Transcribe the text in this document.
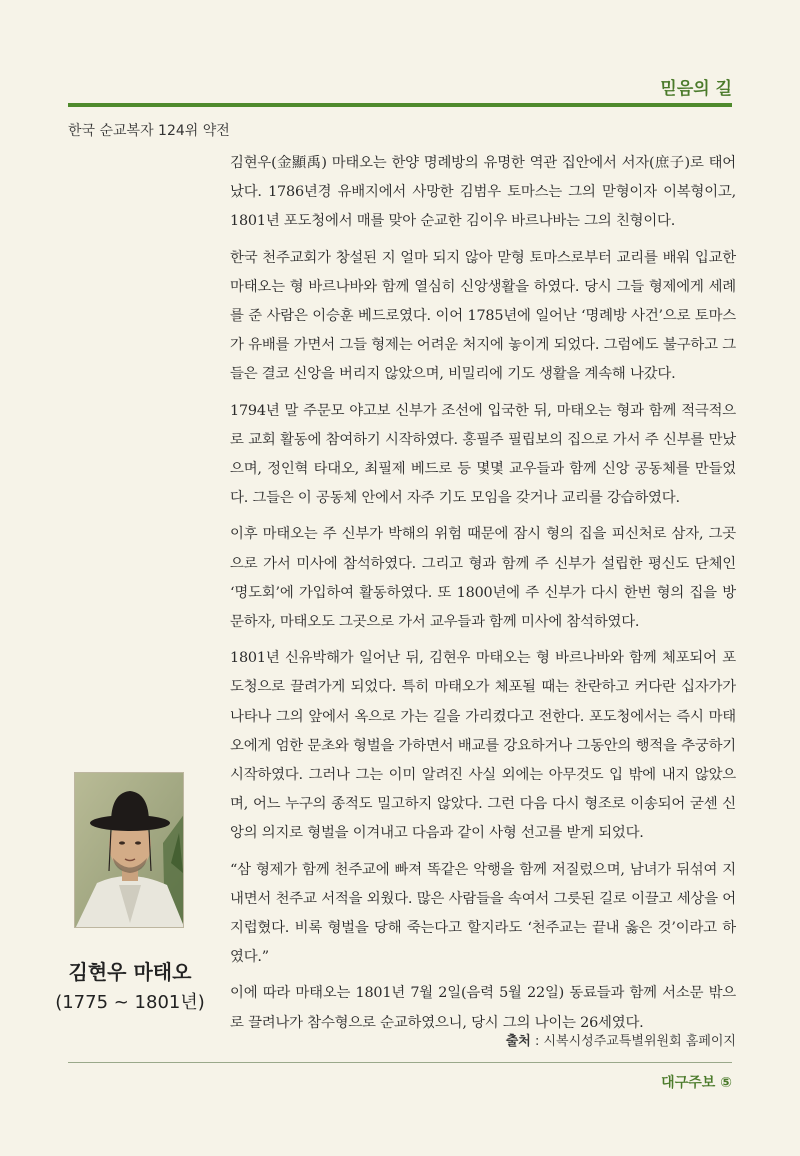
믿음의 길
한국 순교복자 124위 약전

김현우(金顯禹) 마태오는 한양 명례방의 유명한 역관 집안에서 서자(庶子)로 태어났다. 1786년경 유배지에서 사망한 김범우 토마스는 그의 맏형이자 이복형이고, 1801년 포도청에서 매를 맞아 순교한 김이우 바르나바는 그의 친형이다.

한국 천주교회가 창설된 지 얼마 되지 않아 맏형 토마스로부터 교리를 배워 입교한 마태오는 형 바르나바와 함께 열심히 신앙생활을 하였다. 당시 그들 형제에게 세례를 준 사람은 이승훈 베드로였다. 이어 1785년에 일어난 ‘명례방 사건’으로 토마스가 유배를 가면서 그들 형제는 어려운 처지에 놓이게 되었다. 그럼에도 불구하고 그들은 결코 신앙을 버리지 않았으며, 비밀리에 기도 생활을 계속해 나갔다.

1794년 말 주문모 야고보 신부가 조선에 입국한 뒤, 마태오는 형과 함께 적극적으로 교회 활동에 참여하기 시작하였다. 홍필주 필립보의 집으로 가서 주 신부를 만났으며, 정인혁 타대오, 최필제 베드로 등 몇몇 교우들과 함께 신앙 공동체를 만들었다. 그들은 이 공동체 안에서 자주 기도 모임을 갖거나 교리를 강습하였다.

이후 마태오는 주 신부가 박해의 위험 때문에 잠시 형의 집을 피신처로 삼자, 그곳으로 가서 미사에 참석하였다. 그리고 형과 함께 주 신부가 설립한 평신도 단체인 ‘명도회’에 가입하여 활동하였다. 또 1800년에 주 신부가 다시 한번 형의 집을 방문하자, 마태오도 그곳으로 가서 교우들과 함께 미사에 참석하였다.

1801년 신유박해가 일어난 뒤, 김현우 마태오는 형 바르나바와 함께 체포되어 포도청으로 끌려가게 되었다. 특히 마태오가 체포될 때는 찬란하고 커다란 십자가가 나타나 그의 앞에서 옥으로 가는 길을 가리켰다고 전한다. 포도청에서는 즉시 마태오에게 엄한 문초와 형벌을 가하면서 배교를 강요하거나 그동안의 행적을 추궁하기 시작하였다. 그러나 그는 이미 알려진 사실 외에는 아무것도 입 밖에 내지 않았으며, 어느 누구의 종적도 밀고하지 않았다. 그런 다음 다시 형조로 이송되어 굳센 신앙의 의지로 형벌을 이겨내고 다음과 같이 사형 선고를 받게 되었다.

“삼 형제가 함께 천주교에 빠져 똑같은 악행을 함께 저질렀으며, 남녀가 뒤섞여 지내면서 천주교 서적을 외웠다. 많은 사람들을 속여서 그릇된 길로 이끌고 세상을 어지럽혔다. 비록 형벌을 당해 죽는다고 할지라도 ‘천주교는 끝내 옳은 것’이라고 하였다.”

이에 따라 마태오는 1801년 7월 2일(음력 5월 22일) 동료들과 함께 서소문 밖으로 끌려나가 참수형으로 순교하였으니, 당시 그의 나이는 26세였다.

출처 : 시복시성주교특별위원회 홈페이지
김현우 마태오
(1775 ~ 1801년)
대구주보 ⑤
